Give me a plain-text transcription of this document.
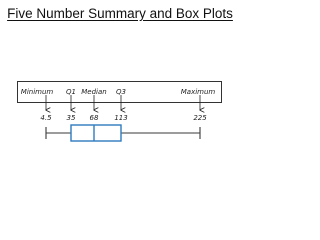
Five Number Summary and Box Plots
Minimum Q1 Median Q3	Maximum
4.5 35 68 113	225
